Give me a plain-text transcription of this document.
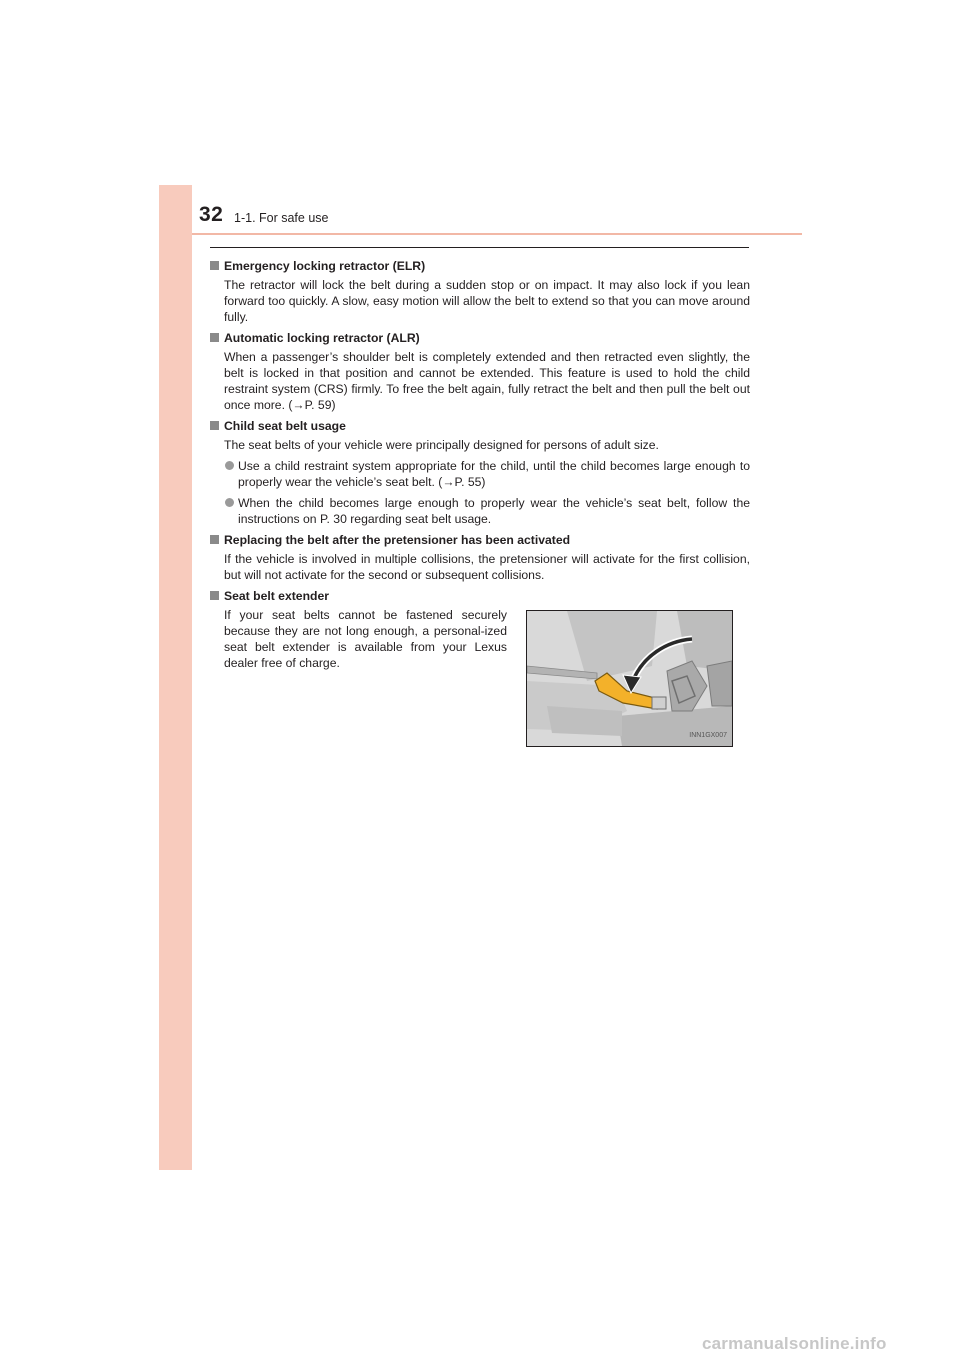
32 1-1. For safe use
Emergency locking retractor (ELR)

The retractor will lock the belt during a sudden stop or on impact. It may also lock if you lean forward too quickly. A slow, easy motion will allow the belt to extend so that you can move around fully.

Automatic locking retractor (ALR)

When a passenger’s shoulder belt is completely extended and then retracted even slightly, the belt is locked in that position and cannot be extended. This feature is used to hold the child restraint system (CRS) firmly. To free the belt again, fully retract the belt and then pull the belt out once more. (→P. 59)

Child seat belt usage

The seat belts of your vehicle were principally designed for persons of adult size.

Use a child restraint system appropriate for the child, until the child becomes large enough to properly wear the vehicle’s seat belt. (→P. 55)
When the child becomes large enough to properly wear the vehicle’s seat belt, follow the instructions on P. 30 regarding seat belt usage.
Replacing the belt after the pretensioner has been activated

If the vehicle is involved in multiple collisions, the pretensioner will activate for the first collision, but will not activate for the second or subsequent collisions.

Seat belt extender
If your seat belts cannot be fastened securely because they are not long enough, a personal-ized seat belt extender is available from your Lexus dealer free of charge.
INN1GX007
carmanualsonline.info
